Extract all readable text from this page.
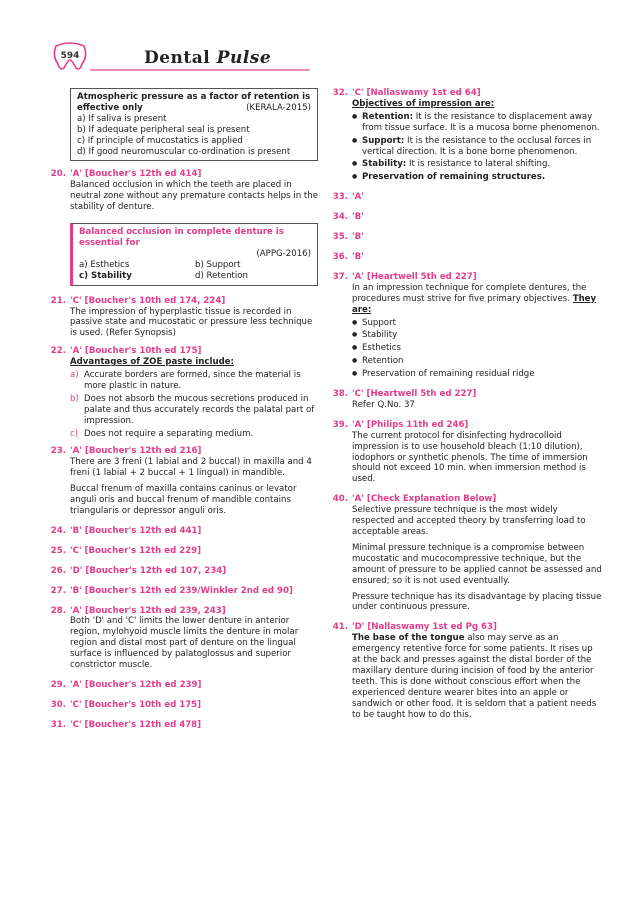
594	Dental Pulse
Atmospheric pressure as a factor of retention is effective only	(KERALA-2015)
a) If saliva is present
b) If adequate peripheral seal is present
c) If principle of mucostatics is applied
d) If good neuromuscular co-ordination is present
20. 'A' [Boucher's 12th ed 414]
Balanced occlusion in which the teeth are placed in neutral zone without any premature contacts helps in the stability of denture.
Balanced occlusion in complete denture is essential for
(APPG-2016)
a) Esthetics	b) Support
c) Stability	d) Retention
21. 'C' [Boucher's 10th ed 174, 224]
The impression of hyperplastic tissue is recorded in passive state and mucostatic or pressure less technique is used. (Refer Synopsis)
22. 'A' [Boucher's 10th ed 175]
Advantages of ZOE paste include:
a) Accurate borders are formed, since the material is more plastic in nature.
b) Does not absorb the mucous secretions produced in palate and thus accurately records the palatal part of impression.
c) Does not require a separating medium.
23. 'A' [Boucher's 12th ed 216]
There are 3 freni (1 labial and 2 buccal) in maxilla and 4 freni (1 labial + 2 buccal + 1 lingual) in mandible.
Buccal frenum of maxilla contains caninus or levator anguli oris and buccal frenum of mandible contains triangularis or depressor anguli oris.
24. 'B' [Boucher's 12th ed 441]
25. 'C' [Boucher's 12th ed 229]
26. 'D' [Boucher's 12th ed 107, 234]
27. 'B' [Boucher's 12th ed 239/Winkler 2nd ed 90]
28. 'A' [Boucher's 12th ed 239, 243]
Both 'D' and 'C' limits the lower denture in anterior region, mylohyoid muscle limits the denture in molar region and distal most part of denture on the lingual surface is influenced by palatoglossus and superior constrictor muscle.
29. 'A' [Boucher's 12th ed 239]
30. 'C' [Boucher's 10th ed 175]
31. 'C' [Boucher's 12th ed 478]
32. 'C' [Nallaswamy 1st ed 64]
Objectives of impression are:
● Retention: It is the resistance to displacement away from tissue surface. It is a mucosa borne phenomenon.
● Support: It is the resistance to the occlusal forces in vertical direction. It is a bone borne phenomenon.
● Stability: It is resistance to lateral shifting.
● Preservation of remaining structures.
33. 'A'
34. 'B'
35. 'B'
36. 'B'
37. 'A' [Heartwell 5th ed 227]
In an impression technique for complete dentures, the procedures must strive for five primary objectives. They are:
● Support
● Stability
● Esthetics
● Retention
● Preservation of remaining residual ridge
38. 'C' [Heartwell 5th ed 227]
Refer Q.No. 37
39. 'A' [Philips 11th ed 246]
The current protocol for disinfecting hydrocolloid impression is to use household bleach (1:10 dilution), iodophors or synthetic phenols. The time of immersion should not exceed 10 min. when immersion method is used.
40. 'A' [Check Explanation Below]
Selective pressure technique is the most widely respected and accepted theory by transferring load to acceptable areas.
Minimal pressure technique is a compromise between mucostatic and mucocompressive technique, but the amount of pressure to be applied cannot be assessed and ensured; so it is not used eventually.
Pressure technique has its disadvantage by placing tissue under continuous pressure.
41. 'D' [Nallaswamy 1st ed Pg 63]
The base of the tongue also may serve as an emergency retentive force for some patients. It rises up at the back and presses against the distal border of the maxillary denture during incision of food by the anterior teeth. This is done without conscious effort when the experienced denture wearer bites into an apple or sandwich or other food. It is seldom that a patient needs to be taught how to do this.
